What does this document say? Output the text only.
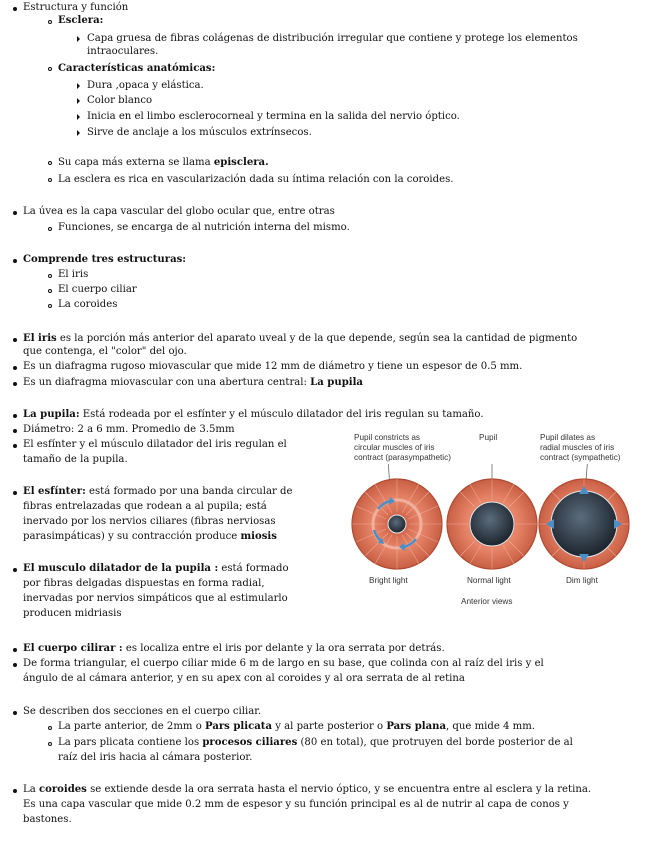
Estructura y función
Esclera:
Capa gruesa de fibras colágenas de distribución irregular que contiene y protege los elementos
intraoculares.
Características anatómicas:
Dura ,opaca y elástica.
Color blanco
Inicia en el limbo esclerocorneal y termina en la salida del nervio óptico.
Sirve de anclaje a los músculos extrínsecos.
Su capa más externa se llama episclera.
La esclera es rica en vascularización dada su íntima relación con la coroides.
La úvea es la capa vascular del globo ocular que, entre otras
Funciones, se encarga de al nutrición interna del mismo.
Comprende tres estructuras:
El iris
El cuerpo ciliar
La coroides
El iris es la porción más anterior del aparato uveal y de la que depende, según sea la cantidad de pigmento
que contenga, el "color" del ojo.
Es un diafragma rugoso miovascular que mide 12 mm de diámetro y tiene un espesor de 0.5 mm.
Es un diafragma miovascular con una abertura central: La pupila
La pupila: Está rodeada por el esfínter y el músculo dilatador del iris regulan su tamaño.
Diámetro: 2 a 6 mm. Promedio de 3.5mm
El esfínter y el músculo dilatador del iris regulan el
tamaño de la pupila.
El esfínter: está formado por una banda circular de
fibras entrelazadas que rodean a al pupila; está
inervado por los nervios ciliares (fibras nerviosas
parasimpáticas) y su contracción produce miosis
El musculo dilatador de la pupila : está formado
por fibras delgadas dispuestas en forma radial,
inervadas por nervios simpáticos que al estimularlo
producen midriasis
Pupil constricts as
circular muscles of iris
contract (parasympathetic)
Pupil	Pupil dilates as
radial muscles of iris
contract (sympathetic)
Bright light	Normal light	Dim light
Anterior views
El cuerpo cilirar : es localiza entre el iris por delante y la ora serrata por detrás.
De forma triangular, el cuerpo ciliar mide 6 m de largo en su base, que colinda con al raíz del iris y el
ángulo de al cámara anterior, y en su apex con al coroides y al ora serrata de al retina
Se describen dos secciones en el cuerpo ciliar.
La parte anterior, de 2mm o Pars plicata y al parte posterior o Pars plana, que mide 4 mm.
La pars plicata contiene los procesos ciliares (80 en total), que protruyen del borde posterior de al
raíz del iris hacia al cámara posterior.
La coroides se extiende desde la ora serrata hasta el nervio óptico, y se encuentra entre al esclera y la retina.
Es una capa vascular que mide 0.2 mm de espesor y su función principal es al de nutrir al capa de conos y
bastones.
